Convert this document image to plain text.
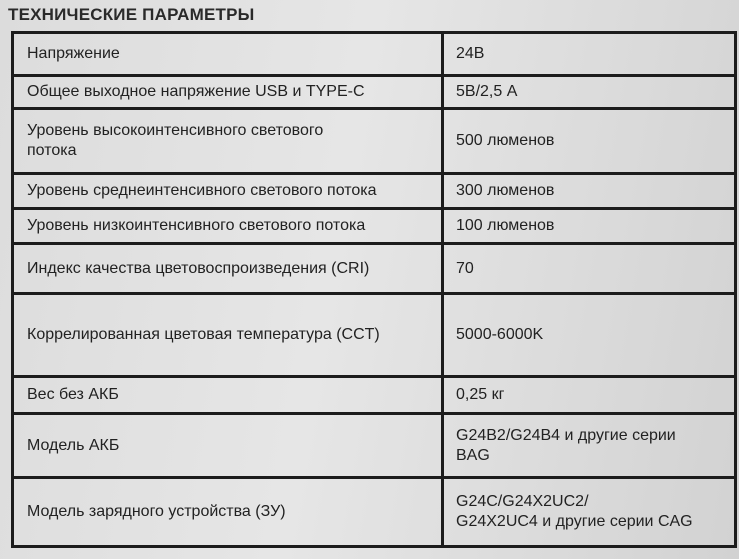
ТЕХНИЧЕСКИЕ ПАРАМЕТРЫ
Напряжение	24В

Общее выходное напряжение USB и TYPE-C	5В/2,5 А

Уровень высокоинтенсивного светового
потока	500 люменов

Уровень среднеинтенсивного светового потока	300 люменов

Уровень низкоинтенсивного светового потока	100 люменов

Индекс качества цветовоспроизведения (CRI)	70

Коррелированная цветовая температура (CCT)	5000-6000K

Вес без АКБ	0,25 кг

Модель АКБ	G24B2/G24B4 и другие серии
BAG

Модель зарядного устройства (ЗУ)	G24C/G24X2UC2/
G24X2UC4 и другие серии CAG
